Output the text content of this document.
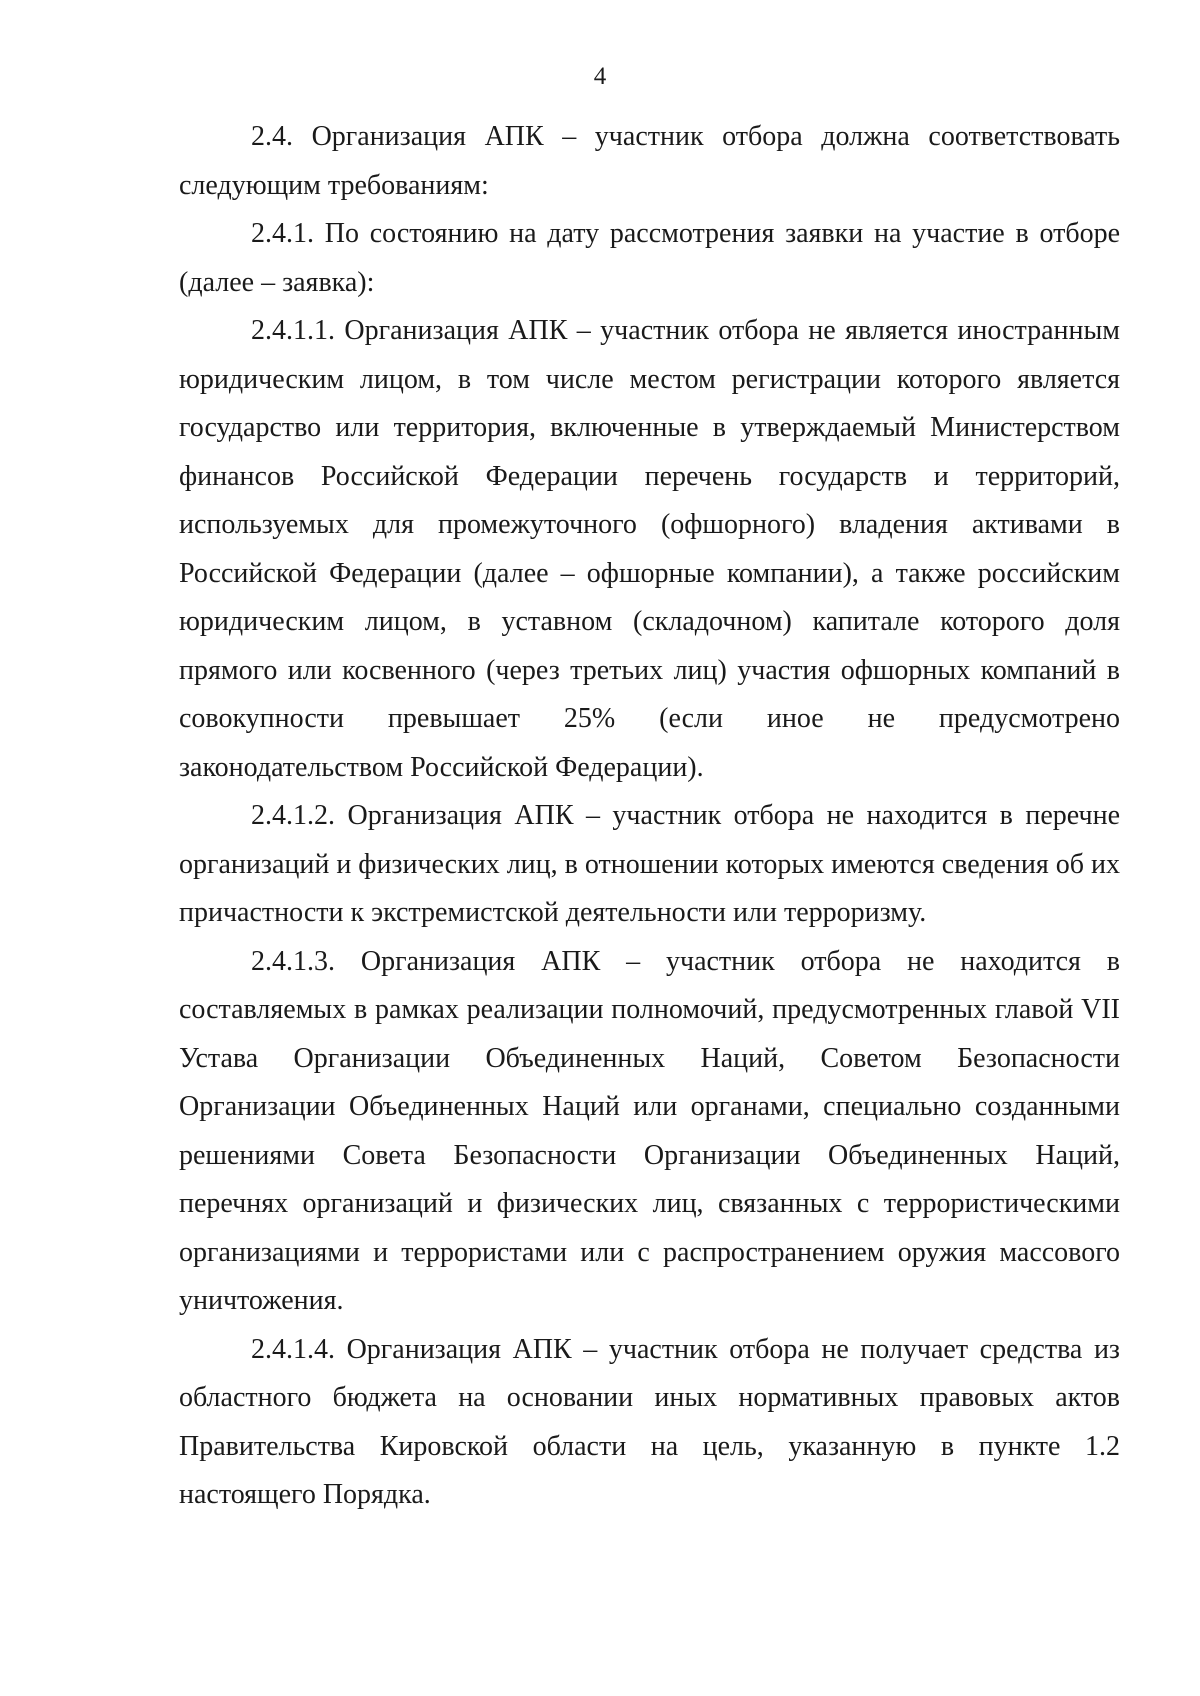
4

2.4. Организация АПК – участник отбора должна соответствовать следующим требованиям:

2.4.1. По состоянию на дату рассмотрения заявки на участие в отборе (далее – заявка):

2.4.1.1. Организация АПК – участник отбора не является иностранным юридическим лицом, в том числе местом регистрации которого является государство или территория, включенные в утверждаемый Министерством финансов Российской Федерации перечень государств и территорий, используемых для промежуточного (офшорного) владения активами в Российской Федерации (далее – офшорные компании), а также российским юридическим лицом, в уставном (складочном) капитале которого доля прямого или косвенного (через третьих лиц) участия офшорных компаний в совокупности превышает 25% (если иное не предусмотрено законодательством Российской Федерации).

2.4.1.2. Организация АПК – участник отбора не находится в перечне организаций и физических лиц, в отношении которых имеются сведения об их причастности к экстремистской деятельности или терроризму.

2.4.1.3. Организация АПК – участник отбора не находится в составляемых в рамках реализации полномочий, предусмотренных главой VII Устава Организации Объединенных Наций, Советом Безопасности Организации Объединенных Наций или органами, специально созданными решениями Совета Безопасности Организации Объединенных Наций, перечнях организаций и физических лиц, связанных с террористическими организациями и террористами или с распространением оружия массового уничтожения.

2.4.1.4. Организация АПК – участник отбора не получает средства из областного бюджета на основании иных нормативных правовых актов Правительства Кировской области на цель, указанную в пункте 1.2 настоящего Порядка.
